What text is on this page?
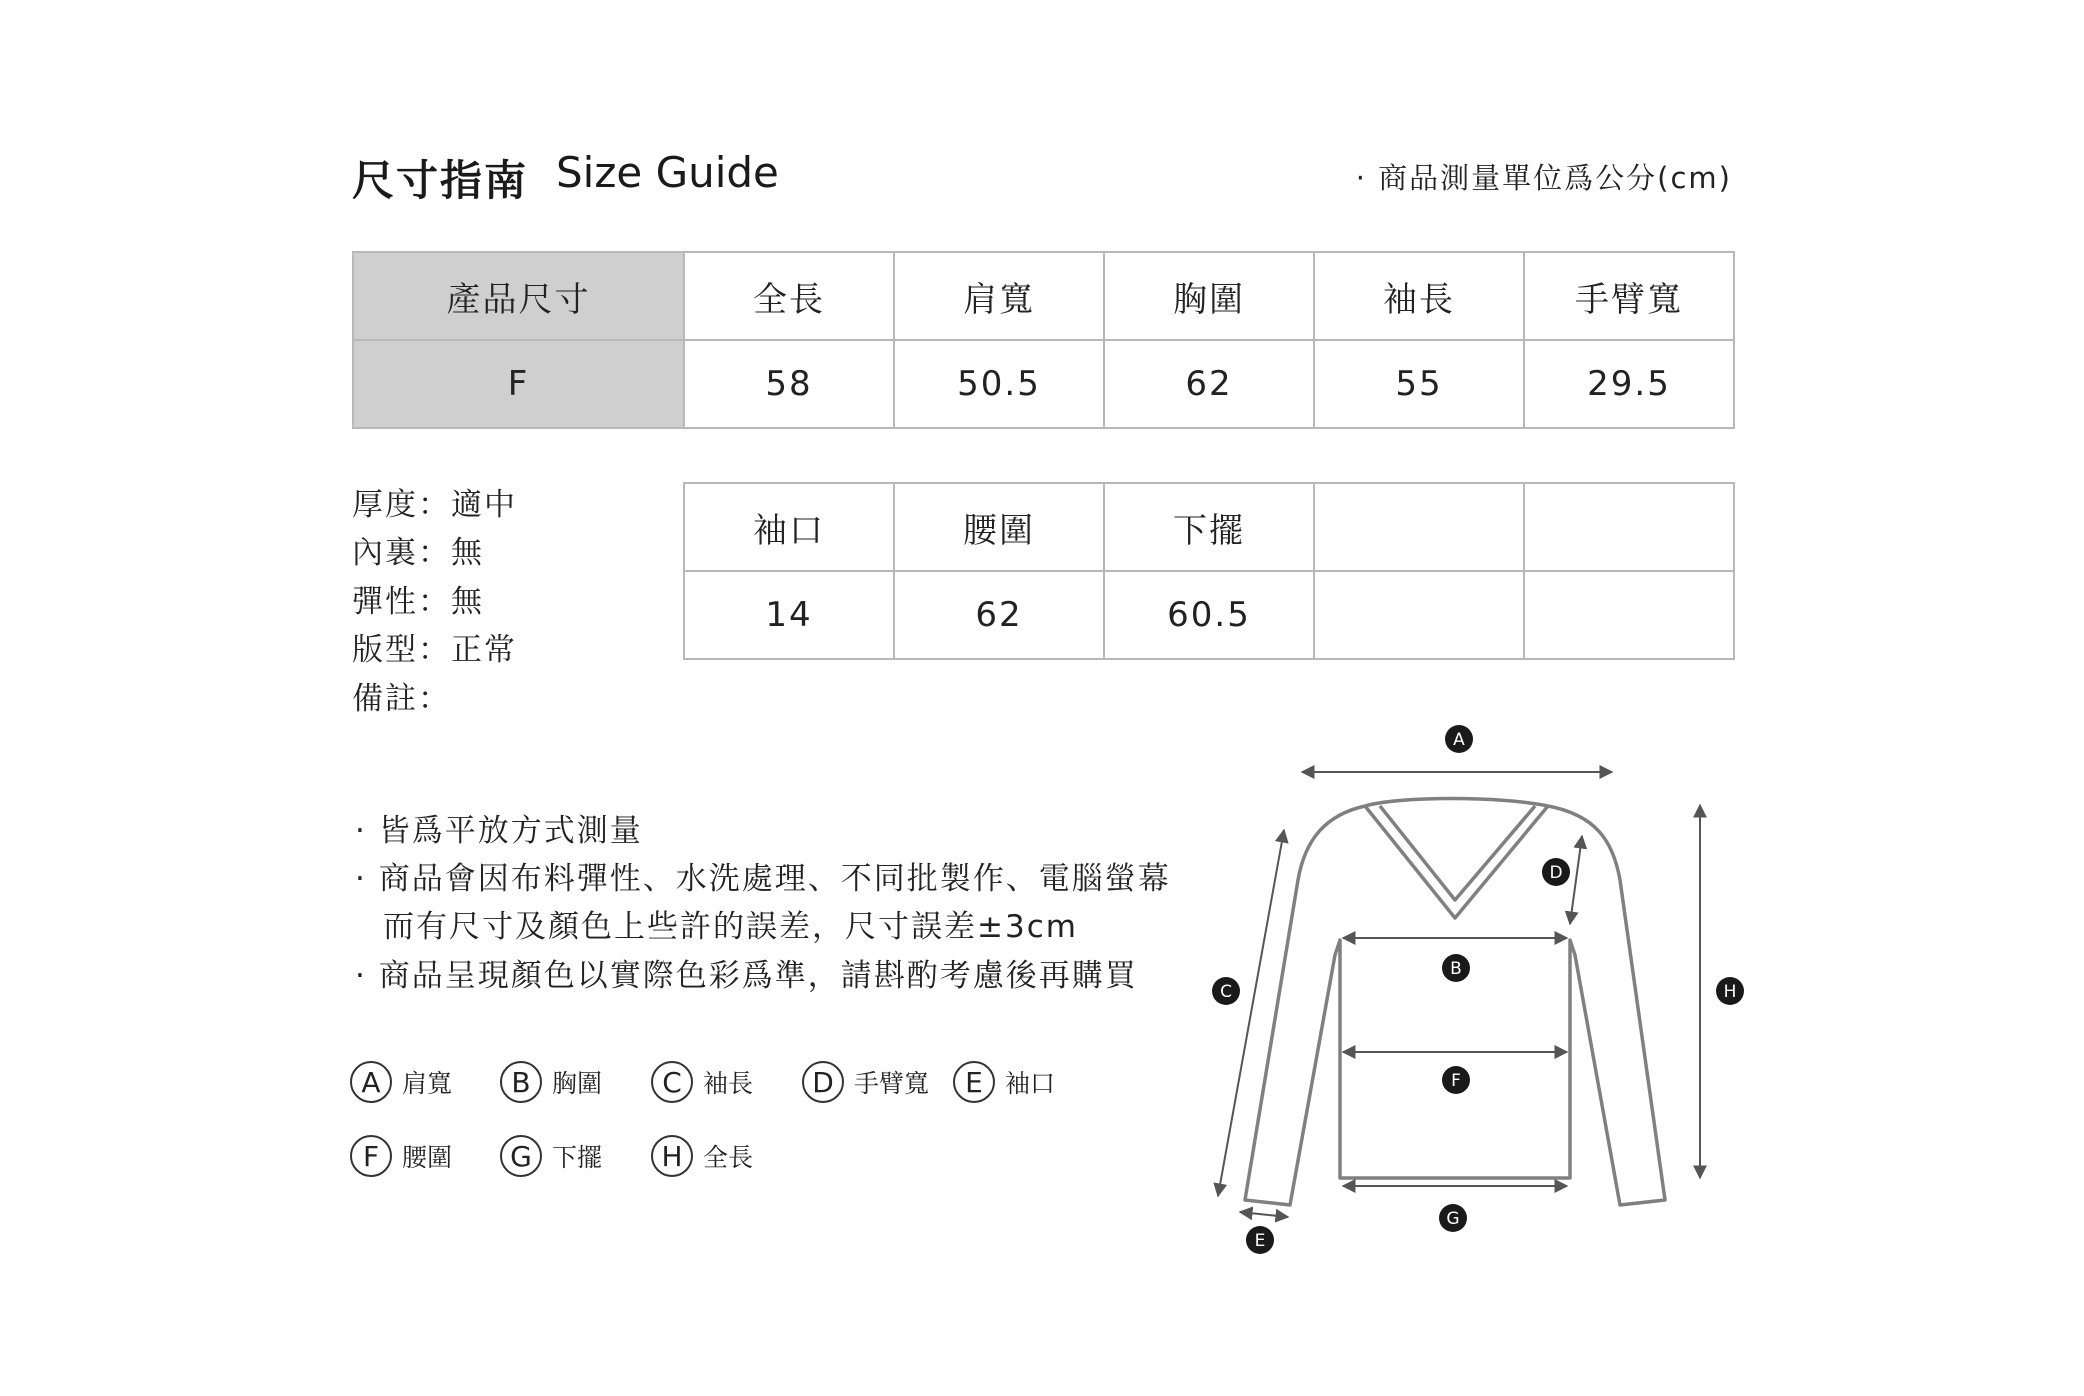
尺寸指南 Size Guide	· 商品測量單位爲公分(cm)
產品尺寸	全長	肩寬	胸圍	袖長	手臂寬
F	58	50.5	62	55	29.5
袖口	腰圍	下擺		
14	62	60.5		
厚度：適中
內裏：無
彈性：無
版型：正常
備註：
· 皆爲平放方式測量
· 商品會因布料彈性、水洗處理、不同批製作、電腦螢幕
而有尺寸及顏色上些許的誤差，尺寸誤差±3cm
· 商品呈現顏色以實際色彩爲準，請斟酌考慮後再購買
A 肩寬	B 胸圍	C 袖長	D 手臂寬	E 袖口
F 腰圍	G 下擺	H 全長
A
B
C
D
E
F
G
H
